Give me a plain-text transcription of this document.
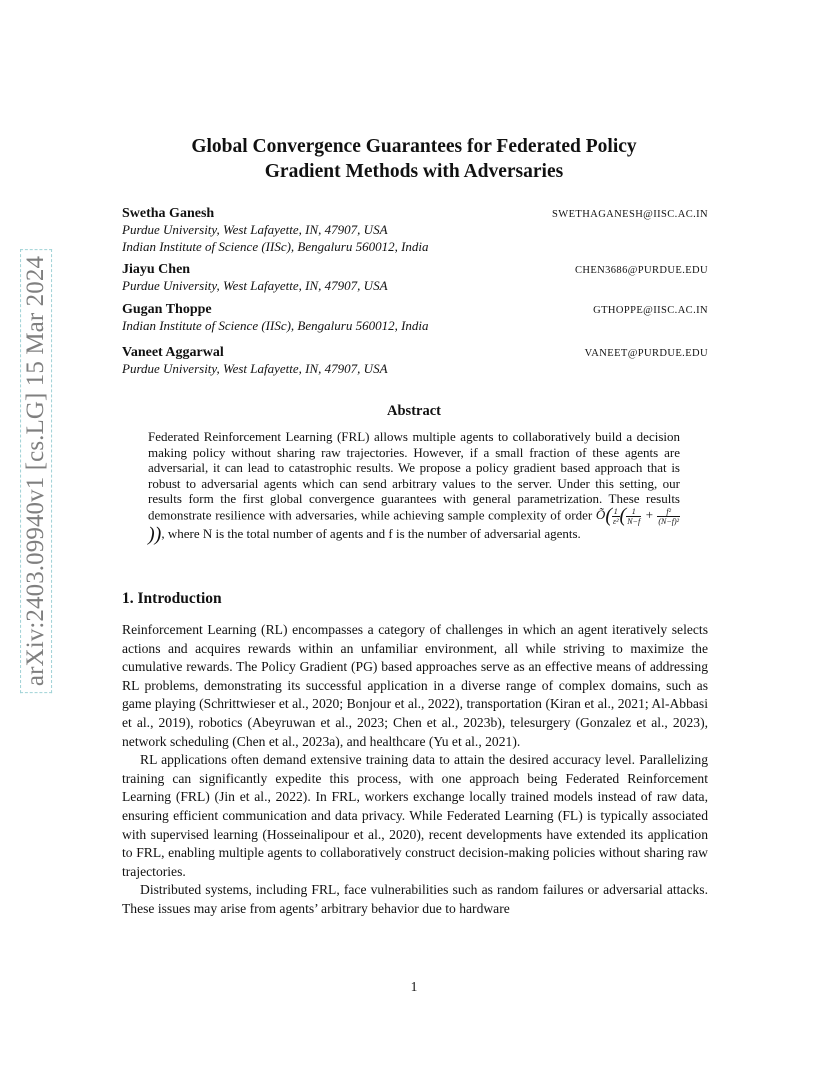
arXiv:2403.09940v1 [cs.LG] 15 Mar 2024
Global Convergence Guarantees for Federated Policy
Gradient Methods with Adversaries
Swetha Ganesh	SWETHAGANESH@IISC.AC.IN
Purdue University, West Lafayette, IN, 47907, USA
Indian Institute of Science (IISc), Bengaluru 560012, India
Jiayu Chen	CHEN3686@PURDUE.EDU
Purdue University, West Lafayette, IN, 47907, USA
Gugan Thoppe	GTHOPPE@IISC.AC.IN
Indian Institute of Science (IISc), Bengaluru 560012, India
Vaneet Aggarwal	VANEET@PURDUE.EDU
Purdue University, West Lafayette, IN, 47907, USA
Abstract
Federated Reinforcement Learning (FRL) allows multiple agents to collaboratively build a decision making policy without sharing raw trajectories. However, if a small fraction of these agents are adversarial, it can lead to catastrophic results. We propose a policy gradient based approach that is robust to adversarial agents which can send arbitrary values to the server. Under this setting, our results form the first global convergence guarantees with general parametrization. These results demonstrate resilience with adversaries, while achieving sample complexity of order Õ( $\frac{1}{\text{ε²}}$ ( $\frac{1}{N-f} + \frac{\text{f²}}{\text{(N−f)²}}$
)), where N is the total number of agents and f is the number of adversarial agents.
1. Introduction

Reinforcement Learning (RL) encompasses a category of challenges in which an agent iteratively selects actions and acquires rewards within an unfamiliar environment, all while striving to maximize the cumulative rewards. The Policy Gradient (PG) based approaches serve as an effective means of addressing RL problems, demonstrating its successful application in a diverse range of complex domains, such as game playing (Schrittwieser et al., 2020; Bonjour et al., 2022), transportation (Kiran et al., 2021; Al-Abbasi et al., 2019), robotics (Abeyruwan et al., 2023; Chen et al., 2023b), telesurgery (Gonzalez et al., 2023), network scheduling (Chen et al., 2023a), and healthcare (Yu et al., 2021).

RL applications often demand extensive training data to attain the desired accuracy level. Parallelizing training can significantly expedite this process, with one approach being Federated Reinforcement Learning (FRL) (Jin et al., 2022). In FRL, workers exchange locally trained models instead of raw data, ensuring efficient communication and data privacy. While Federated Learning (FL) is typically associated with supervised learning (Hosseinalipour et al., 2020), recent developments have extended its application to FRL, enabling multiple agents to collaboratively construct decision-making policies without sharing raw trajectories.

Distributed systems, including FRL, face vulnerabilities such as random failures or adversarial attacks. These issues may arise from agents’ arbitrary behavior due to hardware

1
